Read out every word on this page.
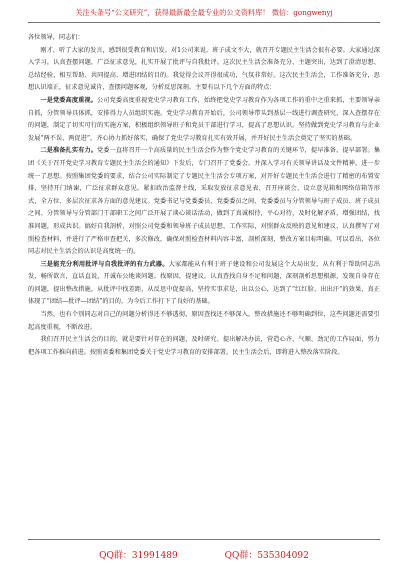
关注头条号“公文研究”，获得最新最全最专业的公文资料库！ 微信：gongwenyj

各位领导，同志们：

刚才，听了大家的发言，感到很受教育和启发。对1公司来说，班子成文不大，就召开专题民主生活会很有必要。大家通过深入学习，认真查摆问题，广泛征求意见，扎实开展了批评与自我批评。这次民主生活会准备充分、主题突出，达到了澄清思想、总结经验、相互帮助、共同提高、增进团结的目的。我觉得会议开得很成功，气氛非常好。这次民主生活会，工作准备充分，思想认识端正，征求意见诚肯，查摆问题客观，分析反思深刻。主要有以下几个方面的特点：

一是党委高度重视。公司党委高度重视党史学习教育工作，始终把党史学习教育作为各项工作的重中之重来抓，主要领导亲自抓，分管领导具体抓，安排得力人员组织实施。党史学习教育开始后，公司领导带头到基层一线进行调查研究，深入查摆存在的问题，制定了切实可行的实施方案，积极组织领导班子和党员干部进行学习，提高了思想认识。坚持做到党史学习教育与企业发展“两不误、两促进”，齐心协力抓好落实，确保了党史学习教育扎实有效开展，并开好民主生活会奠定了坚实的基础。

二是准备扎实有力。党委一直将召开一个高质量的民主生活会作为整个党史学习教育的关键环节，提早准备，提早部署。集团《关于召开党史学习教育专题民主生活会的通知》下发后，专门召开了党委会，并深入学习有关领导讲话及文件精神，进一步统一了思想。按照集团党委的要求，结合公司实际制定了专题民主生活会专项方案，对开好专题民主生活会进行了精密的布置安排，坚持开门纳谏，广泛征求群众意见。紧扣政治监督主线，采取发放征求意见表、召开座谈会、设立意见箱和网络信箱等形式，全方位、多层次征求各方面的意见建议。党委书记与党委委员、党委委员之间、党委委员与分管领导与班子成员、班子成员之间、分管领导与分管部门干部职工之间广泛开展了谈心谈话活动，做到了真诚相待，平心对待，及时化解矛盾，增强团结，找准问题，形成共识。搞好自我剖析，对照公司党委和领导班子成员思想、工作实际，对照群众反映的意见和建议，认真撰写了对照检查材料，并进行了严格审查把关，多次修改，确保对照检查材料内容丰富，剖析深刻，整改方案目标明确。可以看出，各位同志对民主生活会的认识是高度统一的。

三是能充分利用批评与自我批评的有力武器。大家都能从有利于班子建设和公司发展这个大局出发，从有利于帮助同志出发，畅所欲言，直话直说，开诚布公地谈问题。找原因，提建议。认真查找自身不足和问题，深刻剖析思想根源，发现自身存在的问题，提出整改措施，从批评中找差距，从反思中促提高，坚持实事求是，出以公心，达到了“红红脸、出出汗”的效果，真正体现了“团结—批评—团结”的目的，为今后工作打下了良好的基础。

当然，也有个别同志对自己的问题分析得还不够透彻，原因查找还不够深入，整改措施还不够明确到位，这些问题还需要引起高度重视，不断改进。

我们召开民主生活会的目的，就是要针对存在的问题，及时研究、提出解决办法，营造心齐、气顺、劲足的工作局面，努力把各项工作推向前进。按照省委和集团党委关于党史学习教育的安排部署，民主生活会后，即将进入整改落实阶段。

QQ群：31991489	QQ群：535304092
